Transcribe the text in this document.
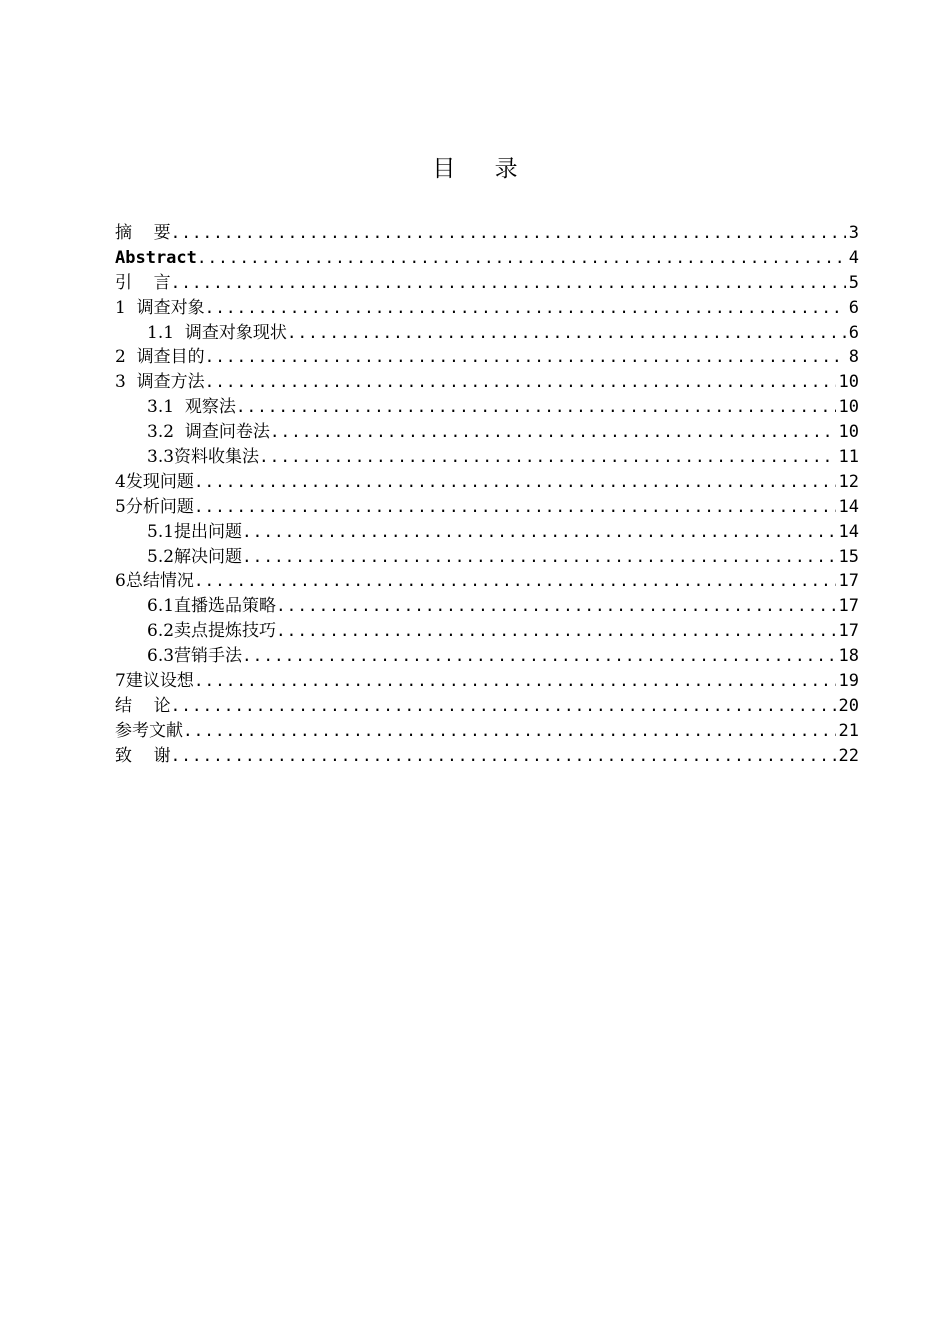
目 录
摘    要 .....	3
Abstract .....	4
引    言 .....	5
1  调查对象 .....	6
1.1  调查对象现状 .....	6
2  调查目的 .....	8
3  调查方法 .....	10
3.1  观察法 .....	10
3.2  调查问卷法 .....	10
3.3资料收集法 .....	11
4发现问题 .....	12
5分析问题 .....	14
5.1提出问题 .....	14
5.2解决问题 .....	15
6总结情况 .....	17
6.1直播选品策略 .....	17
6.2卖点提炼技巧 .....	17
6.3营销手法 .....	18
7建议设想 .....	19
结    论 .....	20
参考文献 .....	21
致    谢 .....	22
